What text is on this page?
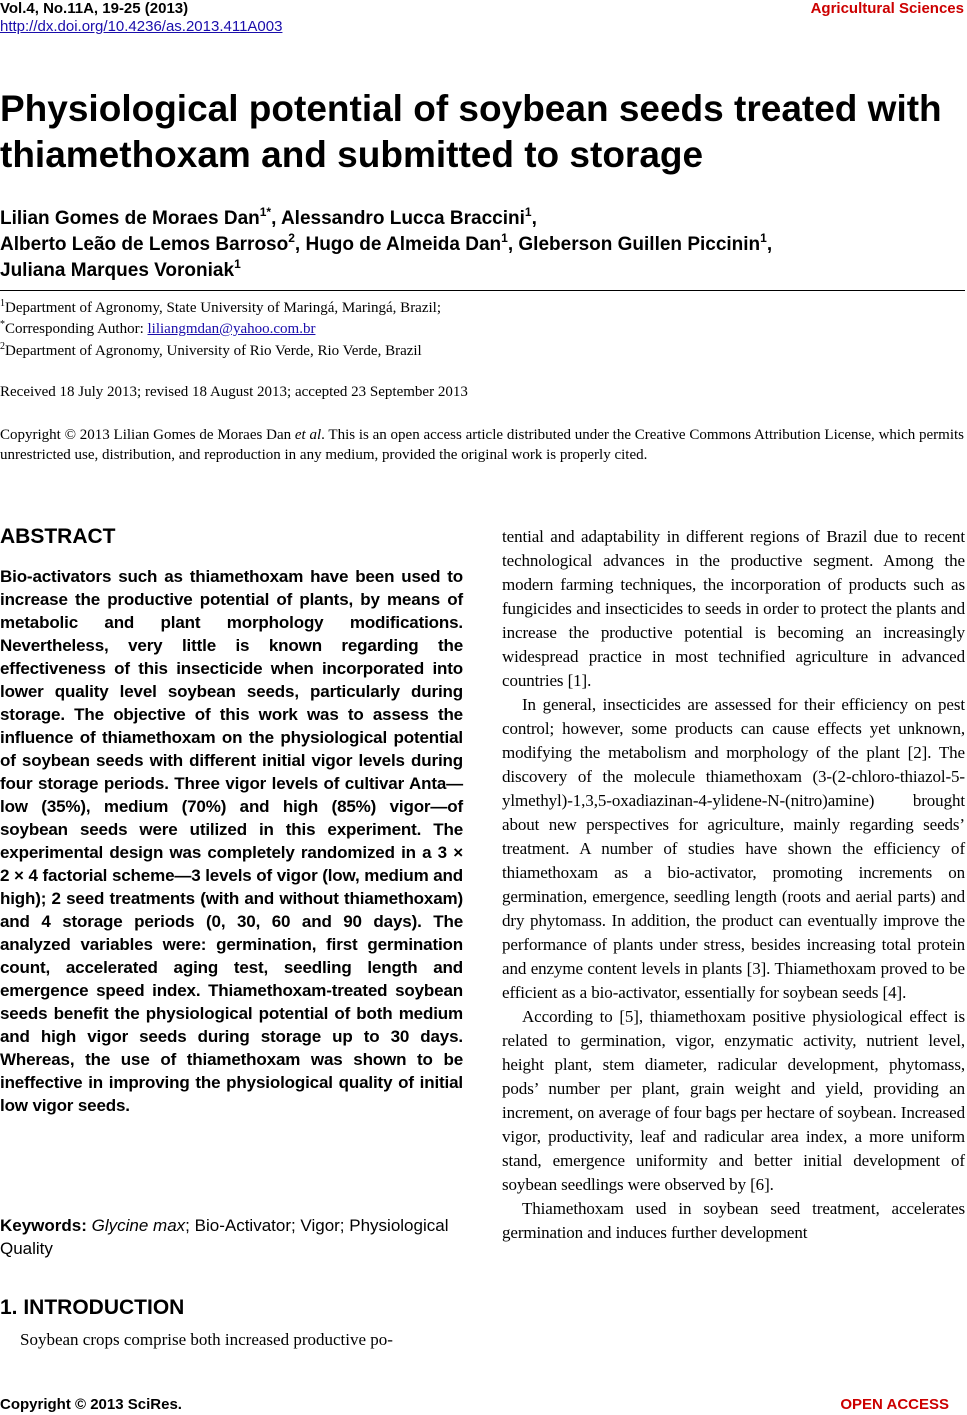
Vol.4, No.11A, 19-25 (2013)
http://dx.doi.org/10.4236/as.2013.411A003
Agricultural Sciences
Physiological potential of soybean seeds treated with thiamethoxam and submitted to storage
Lilian Gomes de Moraes Dan$^{1*}$, Alessandro Lucca Braccini$^1$,
Alberto Leão de Lemos Barroso$^2$, Hugo de Almeida Dan$^1$, Gleberson Guillen Piccinin$^1$,
Juliana Marques Voroniak$^1$
$^1$Department of Agronomy, State University of Maringá, Maringá, Brazil;
*Corresponding Author: liliangmdan@yahoo.com.br
$^2$Department of Agronomy, University of Rio Verde, Rio Verde, Brazil
Received 18 July 2013; revised 18 August 2013; accepted 23 September 2013
Copyright © 2013 Lilian Gomes de Moraes Dan et al. This is an open access article distributed under the Creative Commons Attribution License, which permits unrestricted use, distribution, and reproduction in any medium, provided the original work is properly cited.
ABSTRACT
Bio-activators such as thiamethoxam have been used to increase the productive potential of plants, by means of metabolic and plant morphology modifications. Nevertheless, very little is known regarding the effectiveness of this insecticide when incorporated into lower quality level soybean seeds, particularly during storage. The objective of this work was to assess the influence of thiamethoxam on the physiological potential of soybean seeds with different initial vigor levels during four storage periods. Three vigor levels of cultivar Anta—low (35%), medium (70%) and high (85%) vigor—of soybean seeds were utilized in this experiment. The experimental design was completely randomized in a 3 × 2 × 4 factorial scheme—3 levels of vigor (low, medium and high); 2 seed treatments (with and without thiamethoxam) and 4 storage periods (0, 30, 60 and 90 days). The analyzed variables were: germination, first germination count, accelerated aging test, seedling length and emergence speed index. Thiamethoxam-treated soybean seeds benefit the physiological potential of both medium and high vigor seeds during storage up to 30 days. Whereas, the use of thiamethoxam was shown to be ineffective in improving the physiological quality of initial low vigor seeds.
Keywords: Glycine max; Bio-Activator; Vigor; Physiological Quality
1. INTRODUCTION
Soybean crops comprise both increased productive po-

tential and adaptability in different regions of Brazil due to recent technological advances in the productive segment. Among the modern farming techniques, the incorporation of products such as fungicides and insecticides to seeds in order to protect the plants and increase the productive potential is becoming an increasingly widespread practice in most technified agriculture in advanced countries [1].

In general, insecticides are assessed for their efficiency on pest control; however, some products can cause effects yet unknown, modifying the metabolism and morphology of the plant [2]. The discovery of the molecule thiamethoxam (3-(2-chloro-thiazol-5-ylmethyl)-1,3,5-oxadiazinan-4-ylidene-N-(nitro)amine) brought about new perspectives for agriculture, mainly regarding seeds’ treatment. A number of studies have shown the efficiency of thiamethoxam as a bio-activator, promoting increments on germination, emergence, seedling length (roots and aerial parts) and dry phytomass. In addition, the product can eventually improve the performance of plants under stress, besides increasing total protein and enzyme content levels in plants [3]. Thiamethoxam proved to be efficient as a bio-activator, essentially for soybean seeds [4].

According to [5], thiamethoxam positive physiological effect is related to germination, vigor, enzymatic activity, nutrient level, height plant, stem diameter, radicular development, phytomass, pods’ number per plant, grain weight and yield, providing an increment, on average of four bags per hectare of soybean. Increased vigor, productivity, leaf and radicular area index, a more uniform stand, emergence uniformity and better initial development of soybean seedlings were observed by [6].

Thiamethoxam used in soybean seed treatment, accelerates germination and induces further development

Copyright © 2013 SciRes.	OPEN ACCESS
